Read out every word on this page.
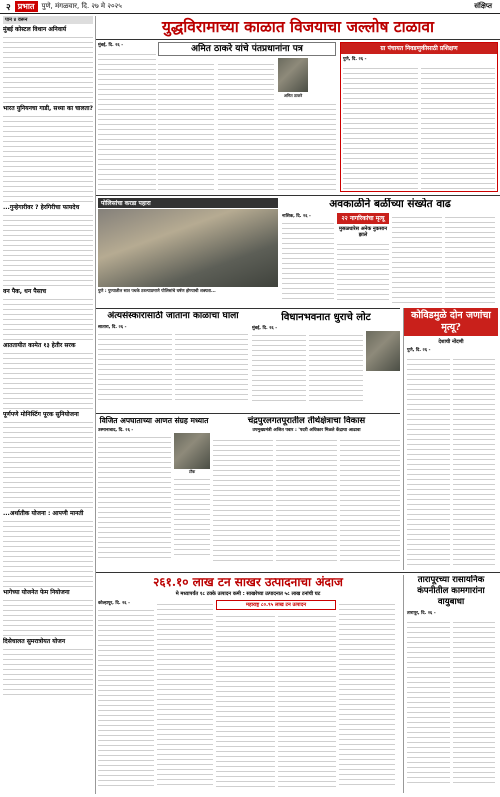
२ प्रभात	पुणे, मंगळवार, दि. २७ मे २०२५	संक्षिप्त
पान ४ वरून
मुंबई कोस्टल विधान अनिवार्य
भारत युनियनचा गाडी, सध्या का चालता?
...गुन्हेगारीवर ? हेरगिरीचा फायदेच
वन पैक, धन पैसाच
आततायीत कामेत १३ हेतीर सरक
पूर्णपणे मोनिस्टिंग पूरक सुनियोजना
...अर्थातीक योजना : आपणी मानती
भागेच्या योजनेत फेम नियोजना
दिसेचालत सुमरात्रोयत योजन
युद्धविरामाच्या काळात विजयाचा जल्लोष टाळावा
मुंबई, दि. २६ -	अमित ठाकरे यांचे पंतप्रधानांना पत्र
अमित ठाकरे
ग्रा पंचायत निवडणुकीसाठी प्रशिक्षण
पुणे, दि. २६ -
पोलिसांचा करडा पहारा
पुणे : पुण्यातील सात पथके ठरल्याप्रमाणे पोलिसांचे घर्षण होण्याची शक्यता...
अवकाळीने बळींच्या संख्येत वाढ
नाशिक, दि. २६ -	२२ नागरिकांचा मृत्यू
मुसळधारेस अनेक नुकसान झाले
अंत्यसंस्कारासाठी जाताना काळाचा घाला
सातारा, दि. २६ -
विधानभवनात धुराचे लोट
मुंबई, दि. २६ -
कोविडमुळे दोन जणांचा मृत्यू?
देशाची नोंदणी
पुणे, दि. २६ -
विजित अपघाताच्या आणत संग्रह मध्यात
उस्मानाबाद, दि. २६ -
टॉक
चंद्रपुरलगतपूरातील तीर्थक्षेत्राचा विकास
उपमुख्यमंत्री अजित पवार : 'पदरी अधिकार मिळते केंद्राचा आढावा
२६१.१० लाख टन साखर उत्पादनाचा अंदाज
मे मध्यापर्यंत १८ टक्के उत्पादन कमी : साखरेच्या उत्पादनात ५८ लाख टनांची घट
कोल्हापूर, दि. २६ -	महाराष्ट्र ८०.९५ लाख टन उत्पादन
तारापूरच्या रासायनिक कंपनीतील कामगारांना वायुबाधा
तारापूर, दि. २६ -
